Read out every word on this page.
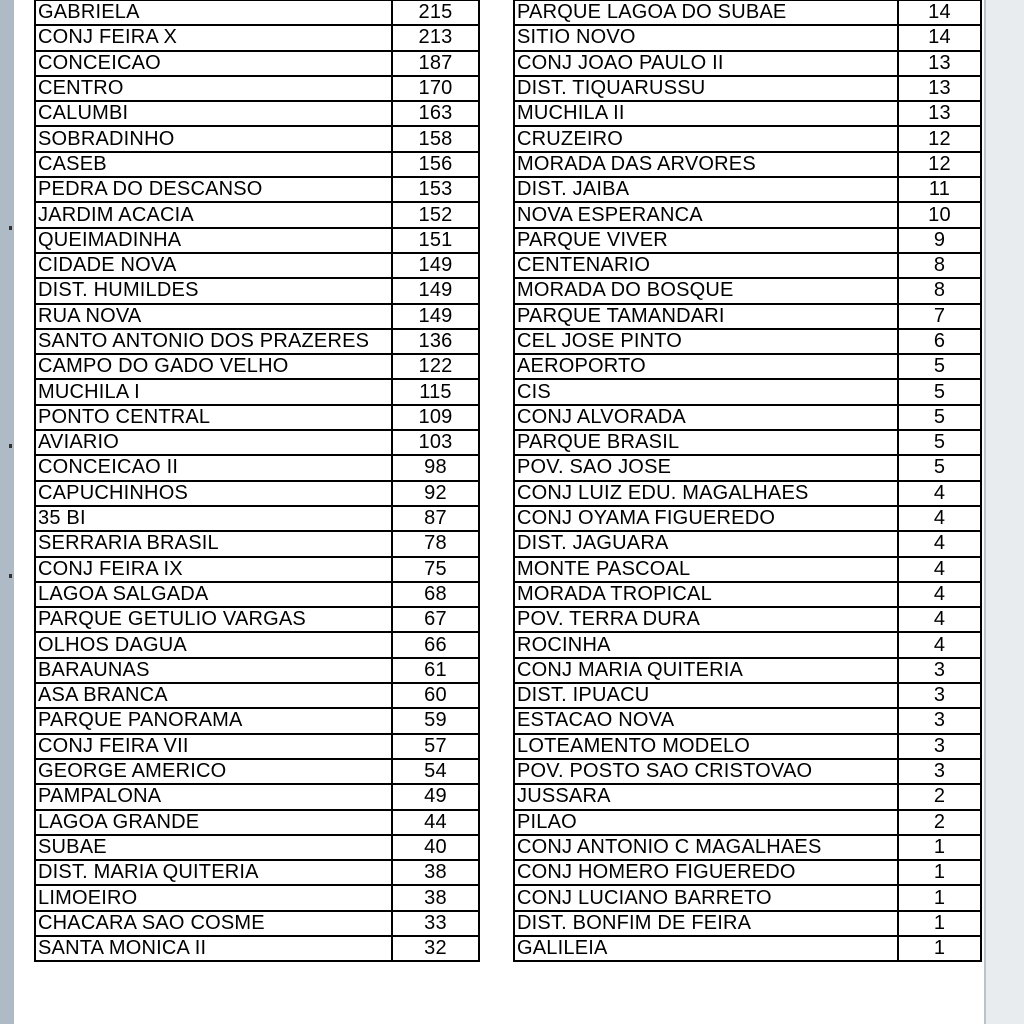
GABRIELA	215
CONJ FEIRA X	213
CONCEICAO	187
CENTRO	170
CALUMBI	163
SOBRADINHO	158
CASEB	156
PEDRA DO DESCANSO	153
JARDIM ACACIA	152
QUEIMADINHA	151
CIDADE NOVA	149
DIST. HUMILDES	149
RUA NOVA	149
SANTO ANTONIO DOS PRAZERES	136
CAMPO DO GADO VELHO	122
MUCHILA I	115
PONTO CENTRAL	109
AVIARIO	103
CONCEICAO II	98
CAPUCHINHOS	92
35 BI	87
SERRARIA BRASIL	78
CONJ FEIRA IX	75
LAGOA SALGADA	68
PARQUE GETULIO VARGAS	67
OLHOS DAGUA	66
BARAUNAS	61
ASA BRANCA	60
PARQUE PANORAMA	59
CONJ FEIRA VII	57
GEORGE AMERICO	54
PAMPALONA	49
LAGOA GRANDE	44
SUBAE	40
DIST. MARIA QUITERIA	38
LIMOEIRO	38
CHACARA SAO COSME	33
SANTA MONICA II	32
PARQUE LAGOA DO SUBAE	14
SITIO NOVO	14
CONJ JOAO PAULO II	13
DIST. TIQUARUSSU	13
MUCHILA II	13
CRUZEIRO	12
MORADA DAS ARVORES	12
DIST. JAIBA	11
NOVA ESPERANCA	10
PARQUE VIVER	9
CENTENARIO	8
MORADA DO BOSQUE	8
PARQUE TAMANDARI	7
CEL JOSE PINTO	6
AEROPORTO	5
CIS	5
CONJ ALVORADA	5
PARQUE BRASIL	5
POV. SAO JOSE	5
CONJ LUIZ EDU. MAGALHAES	4
CONJ OYAMA FIGUEREDO	4
DIST. JAGUARA	4
MONTE PASCOAL	4
MORADA TROPICAL	4
POV. TERRA DURA	4
ROCINHA	4
CONJ MARIA QUITERIA	3
DIST. IPUACU	3
ESTACAO NOVA	3
LOTEAMENTO MODELO	3
POV. POSTO SAO CRISTOVAO	3
JUSSARA	2
PILAO	2
CONJ ANTONIO C MAGALHAES	1
CONJ HOMERO FIGUEREDO	1
CONJ LUCIANO BARRETO	1
DIST. BONFIM DE FEIRA	1
GALILEIA	1
